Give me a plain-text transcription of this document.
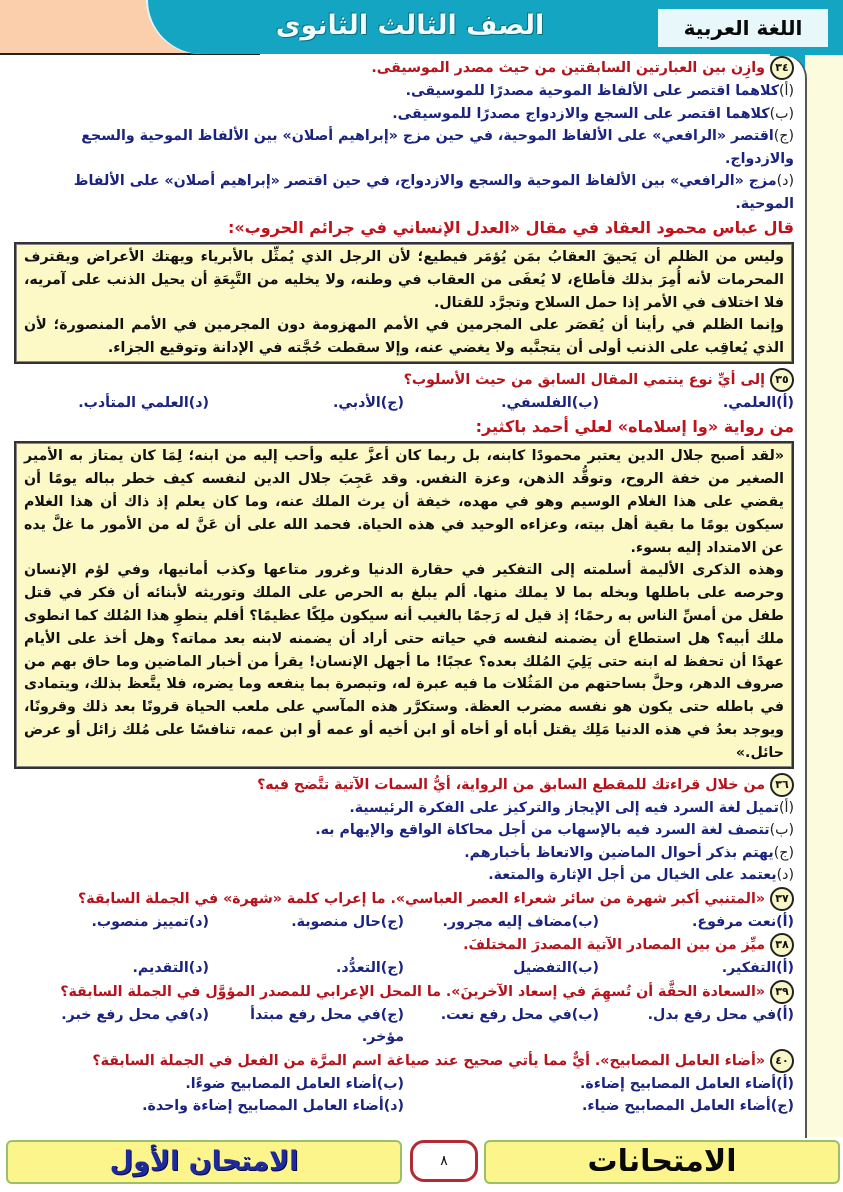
الصف الثالث الثانوى	اللغة العربية
٣٤وازِن بين العبارتين السابقتين من حيث مصدر الموسيقى.
(أ)كلاهما اقتصر على الألفاظ الموحية مصدرًا للموسيقى.
(ب)كلاهما اقتصر على السجع والازدواج مصدرًا للموسيقى.
(ج)اقتصر «الرافعي» على الألفاظ الموحية، في حين مزج «إبراهيم أصلان» بين الألفاظ الموحية والسجع والازدواج.
(د)مزج «الرافعي» بين الألفاظ الموحية والسجع والازدواج، في حين اقتصر «إبراهيم أصلان» على الألفاظ الموحية.
قال عباس محمود العقاد في مقال «العدل الإنساني في جرائم الحروب»:
وليس من الظلم أن يَحيقَ العقابُ بمَن يُؤمَر فيطيع؛ لأن الرجل الذي يُمثِّل بالأبرياء ويهتك الأعراض ويقترف المحرمات لأنه أُمِرَ بذلك فأطاع، لا يُعفَى من العقاب في وطنه، ولا يخليه من التَّبِعَةِ أن يحيل الذنب على آمريه، فلا اختلاف في الأمر إذا حمل السلاح وتجرَّد للقتال.
وإنما الظلم في رأينا أن يُقصَر على المجرمين في الأمم المهزومة دون المجرمين في الأمم المنصورة؛ لأن الذي يُعاقِب على الذنب أولى أن يتجنَّبه ولا يغضي عنه، وإلا سقطت حُجَّته في الإدانة وتوقيع الجزاء.
٣٥إلى أيِّ نوع ينتمي المقال السابق من حيث الأسلوب؟
(أ)العلمي.
(ب)الفلسفي.
(ج)الأدبي.
(د)العلمي المتأدب.
من رواية «وا إسلاماه» لعلي أحمد باكثير:
«لقد أصبح جلال الدين يعتبر محمودًا كابنه، بل ربما كان أعزَّ عليه وأحب إليه من ابنه؛ لِمَا كان يمتاز به الأمير الصغير من خفة الروح، وتوقُّد الذهن، وعزة النفس. وقد عَجِبَ جلال الدين لنفسه كيف خطر بباله يومًا أن يقضي على هذا الغلام الوسيم وهو في مهده، خيفة أن يرث الملك عنه، وما كان يعلم إذ ذاك أن هذا الغلام سيكون يومًا ما بقية أهل بيته، وعزاءه الوحيد في هذه الحياة. فحمد الله على أن عَنَّ له من الأمور ما غلَّ يده عن الامتداد إليه بسوء.
وهذه الذكرى الأليمة أسلمته إلى التفكير في حقارة الدنيا وغرور متاعها وكذب أمانيها، وفي لؤم الإنسان وحرصه على باطلها وبخله بما لا يملك منها. ألم يبلغ به الحرص على الملك وتوريثه لأبنائه أن فكر في قتل طفل من أمسِّ الناس به رحمًا؛ إذ قيل له رَجمًا بالغيب أنه سيكون ملِكًا عظيمًا؟ أفلم ينطوِ هذا المُلك كما انطوى ملك أبيه؟ هل استطاع أن يضمنه لنفسه في حياته حتى أراد أن يضمنه لابنه بعد مماته؟ وهل أخذ على الأيام عهدًا أن تحفظ له ابنه حتى يَلِيَ المُلك بعده؟ عجبًا! ما أجهل الإنسان! يقرأ من أخبار الماضين وما حاق بهم من صروف الدهر، وحلَّ بساحتهم من المَثُلات ما فيه عبرة له، وتبصرة بما ينفعه وما يضره، فلا يتَّعظ بذلك، ويتمادى في باطله حتى يكون هو نفسه مضرب العظة. وستكرَّر هذه المآسي على ملعب الحياة قرونًا بعد ذلك وقرونًا، ويوجد بعدُ في هذه الدنيا مَلِك يقتل أباه أو أخاه أو ابن أخيه أو عمه أو ابن عمه، تنافسًا على مُلك زائل أو عرض حائل.»
٣٦من خلال قراءتك للمقطع السابق من الرواية، أيُّ السمات الآتية تتَّضح فيه؟
(أ)تميل لغة السرد فيه إلى الإيجاز والتركيز على الفكرة الرئيسية.
(ب)تتصف لغة السرد فيه بالإسهاب من أجل محاكاة الواقع والإيهام به.
(ج)يهتم بذكر أحوال الماضين والاتعاظ بأخبارهم.
(د)يعتمد على الخيال من أجل الإثارة والمتعة.
٣٧«المتنبي أكبر شهرة من سائر شعراء العصر العباسي». ما إعراب كلمة «شهرة» في الجملة السابقة؟
(أ)نعت مرفوع.
(ب)مضاف إليه مجرور.
(ج)حال منصوبة.
(د)تمييز منصوب.
٣٨ميِّز من بين المصادر الآتية المصدرَ المختلفَ.
(أ)التفكير.
(ب)التفضيل
(ج)التعدُّد.
(د)التقديم.
٣٩«السعادة الحقَّة أن تُسهِمَ في إسعاد الآخرينَ». ما المحل الإعرابي للمصدر المؤوَّل في الجملة السابقة؟
(أ)في محل رفع بدل.
(ب)في محل رفع نعت.
(ج)في محل رفع مبتدأ مؤخر.
(د)في محل رفع خبر.
٤٠«أضاء العامل المصابيح». أيٌّ مما يأتي صحيح عند صياغة اسم المرَّة من الفعل في الجملة السابقة؟
(أ)أضاء العامل المصابيح إضاءة.
(ب)أضاء العامل المصابيح ضوءًا.
(ج)أضاء العامل المصابيح ضياء.
(د)أضاء العامل المصابيح إضاءة واحدة.
الامتحان الأول	٨	الامتحانات
